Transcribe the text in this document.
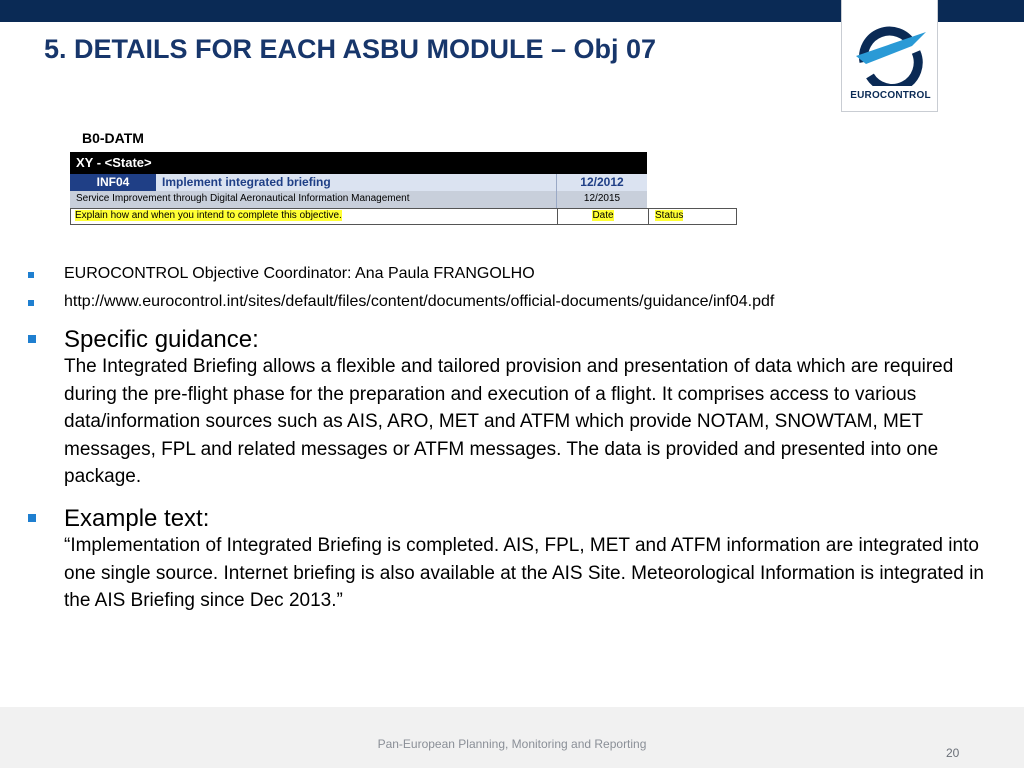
EUROCONTROL
5. DETAILS FOR EACH ASBU MODULE – Obj 07
B0-DATM
XY - <State>
INF04	Implement integrated briefing	12/2012
Service Improvement through Digital Aeronautical Information Management	12/2015
Explain how and when you intend to complete this objective.	Date	Status
EUROCONTROL Objective Coordinator: Ana Paula FRANGOLHO
http://www.eurocontrol.int/sites/default/files/content/documents/official-documents/guidance/inf04.pdf
Specific guidance:
The Integrated Briefing allows a flexible and tailored provision and presentation of data which are required during the pre-flight phase for the preparation and execution of a flight. It comprises access to various data/information sources such as AIS, ARO, MET and ATFM which provide NOTAM, SNOWTAM, MET messages, FPL and related messages or ATFM messages. The data is provided and presented into one package.
Example text:
“Implementation of Integrated Briefing is completed. AIS, FPL, MET and ATFM information are integrated into one single source. Internet briefing is also available at the AIS Site. Meteorological Information is integrated in the AIS Briefing since Dec 2013.”
Pan-European Planning, Monitoring and Reporting
20
